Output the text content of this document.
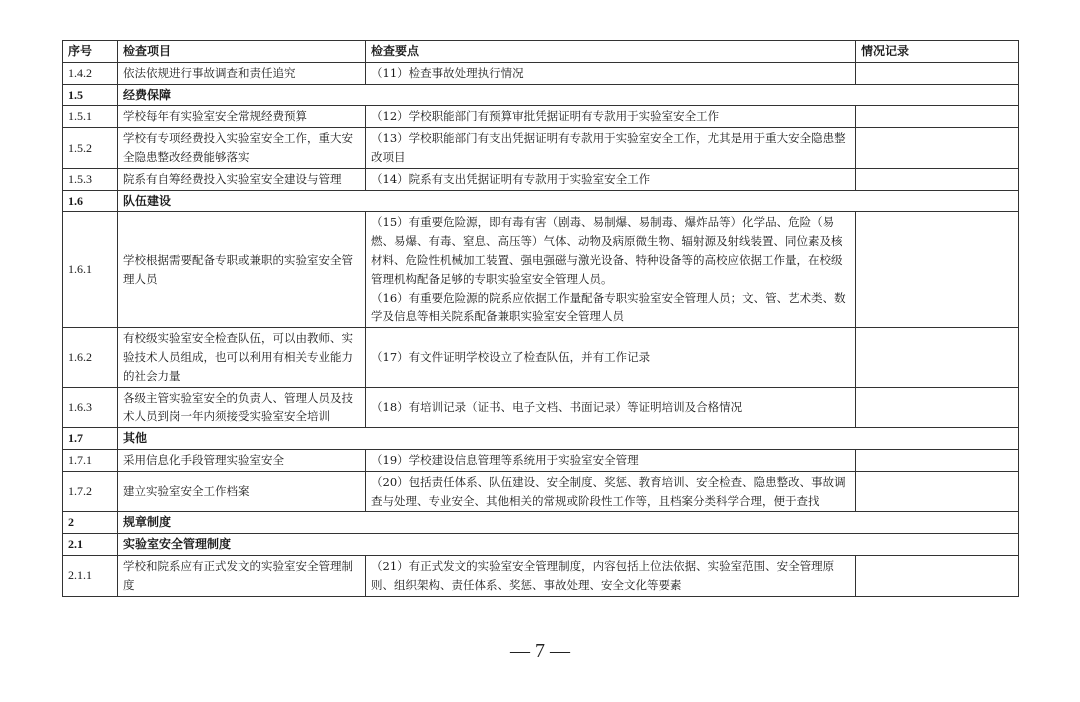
序号	检查项目	检查要点	情况记录
1.4.2	依法依规进行事故调查和责任追究	（11）检查事故处理执行情况	

1.5	经费保障		
1.5.1	学校每年有实验室安全常规经费预算	（12）学校职能部门有预算审批凭据证明有专款用于实验室安全工作	

1.5.2	学校有专项经费投入实验室安全工作，重大安全隐患整改经费能够落实	（13）学校职能部门有支出凭据证明有专款用于实验室安全工作，尤其是用于重大安全隐患整改项目	

1.5.3	院系有自筹经费投入实验室安全建设与管理	（14）院系有支出凭据证明有专款用于实验室安全工作	

1.6	队伍建设		
1.6.1	学校根据需要配备专职或兼职的实验室安全管理人员	（15）有重要危险源，即有毒有害（剧毒、易制爆、易制毒、爆炸品等）化学品、危险（易燃、易爆、有毒、窒息、高压等）气体、动物及病原微生物、辐射源及射线装置、同位素及核材料、危险性机械加工装置、强电强磁与激光设备、特种设备等的高校应依据工作量，在校级管理机构配备足够的专职实验室安全管理人员。
（16）有重要危险源的院系应依据工作量配备专职实验室安全管理人员；文、管、艺术类、数学及信息等相关院系配备兼职实验室安全管理人员	

1.6.2	有校级实验室安全检查队伍，可以由教师、实验技术人员组成，也可以利用有相关专业能力的社会力量	（17）有文件证明学校设立了检查队伍，并有工作记录	

1.6.3	各级主管实验室安全的负责人、管理人员及技术人员到岗一年内须接受实验室安全培训	（18）有培训记录（证书、电子文档、书面记录）等证明培训及合格情况	

1.7	其他		
1.7.1	采用信息化手段管理实验室安全	（19）学校建设信息管理等系统用于实验室安全管理	

1.7.2	建立实验室安全工作档案	（20）包括责任体系、队伍建设、安全制度、奖惩、教育培训、安全检查、隐患整改、事故调查与处理、专业安全、其他相关的常规或阶段性工作等，且档案分类科学合理，便于查找	

2	规章制度		
2.1	实验室安全管理制度		
2.1.1	学校和院系应有正式发文的实验室安全管理制度	（21）有正式发文的实验室安全管理制度，内容包括上位法依据、实验室范围、安全管理原则、组织架构、责任体系、奖惩、事故处理、安全文化等要素	

— 7 —
